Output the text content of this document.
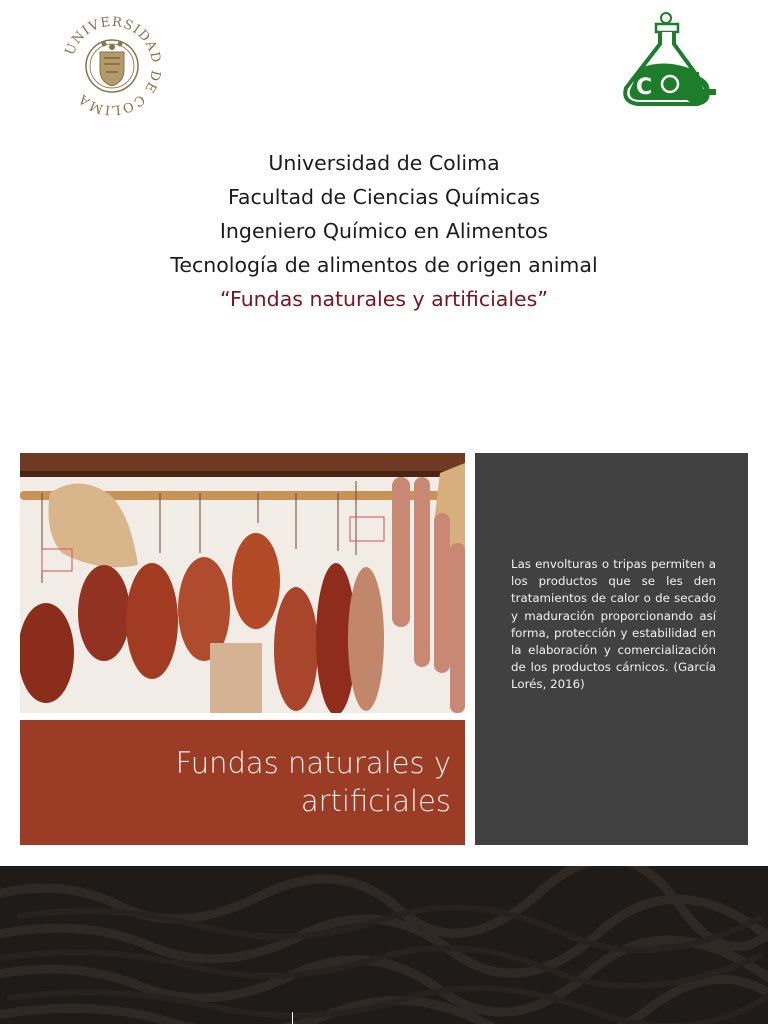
UNIVERSIDAD DE COLIMA	C
Universidad de Colima
Facultad de Ciencias Químicas
Ingeniero Químico en Alimentos
Tecnología de alimentos de origen animal
“Fundas naturales y artificiales”
Fundas naturales y
artificiales
Las envolturas o tripas permiten a los productos que se les den tratamientos de calor o de secado y maduración proporcionando así forma, protección y estabilidad en la elaboración y comercialización de los productos cárnicos. (García Lorés, 2016)
